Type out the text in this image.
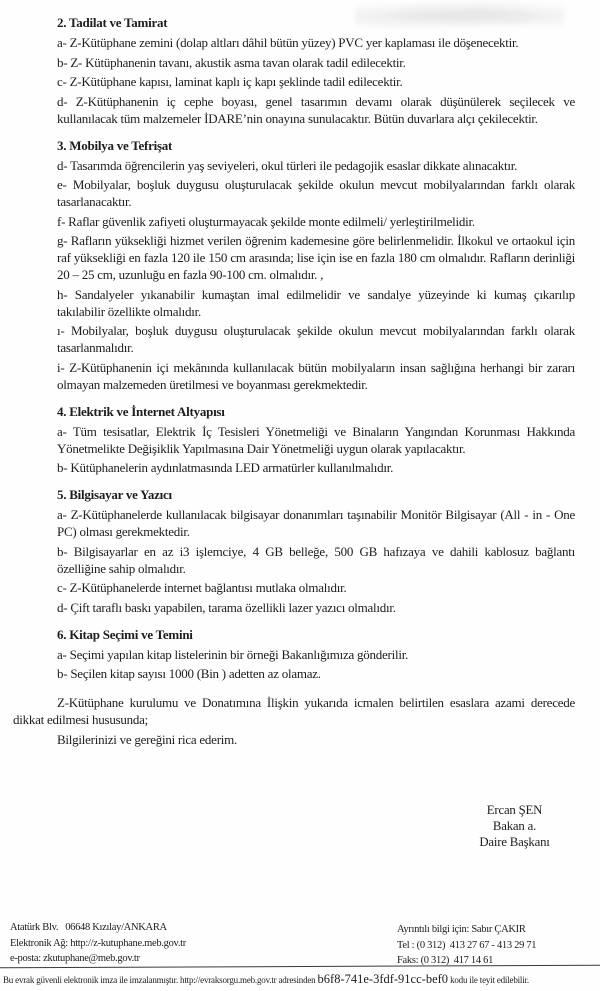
2. Tadilat ve Tamirat

a- Z-Kütüphane zemini (dolap altları dâhil bütün yüzey) PVC yer kaplaması ile döşenecektir.

b- Z- Kütüphanenin tavanı, akustik asma tavan olarak tadil edilecektir.

c- Z-Kütüphane kapısı, laminat kaplı iç kapı şeklinde tadil edilecektir.

d- Z-Kütüphanenin iç cephe boyası, genel tasarımın devamı olarak düşünülerek seçilecek ve kullanılacak tüm malzemeler İDARE’nin onayına sunulacaktır. Bütün duvarlara alçı çekilecektir.

3. Mobilya ve Tefrişat

d- Tasarımda öğrencilerin yaş seviyeleri, okul türleri ile pedagojik esaslar dikkate alınacaktır.

e- Mobilyalar, boşluk duygusu oluşturulacak şekilde okulun mevcut mobilyalarından farklı olarak tasarlanacaktır.

f- Raflar güvenlik zafiyeti oluşturmayacak şekilde monte edilmeli/ yerleştirilmelidir.

g- Rafların yüksekliği hizmet verilen öğrenim kademesine göre belirlenmelidir. İlkokul ve ortaokul için raf yüksekliği en fazla 120 ile 150 cm arasında; lise için ise en fazla 180 cm olmalıdır. Rafların derinliği 20 – 25 cm, uzunluğu en fazla 90-100 cm. olmalıdır. ,

h- Sandalyeler yıkanabilir kumaştan imal edilmelidir ve sandalye yüzeyinde ki kumaş çıkarılıp takılabilir özellikte olmalıdır.

ı- Mobilyalar, boşluk duygusu oluşturulacak şekilde okulun mevcut mobilyalarından farklı olarak tasarlanmalıdır.

i- Z-Kütüphanenin içi mekânında kullanılacak bütün mobilyaların insan sağlığına herhangi bir zararı olmayan malzemeden üretilmesi ve boyanması gerekmektedir.

4. Elektrik ve İnternet Altyapısı

a- Tüm tesisatlar, Elektrik İç Tesisleri Yönetmeliği ve Binaların Yangından Korunması Hakkında Yönetmelikte Değişiklik Yapılmasına Dair Yönetmeliği uygun olarak yapılacaktır.

b- Kütüphanelerin aydınlatmasında LED armatürler kullanılmalıdır.

5. Bilgisayar ve Yazıcı

a- Z-Kütüphanelerde kullanılacak bilgisayar donanımları taşınabilir Monitör Bilgisayar (All - in - One PC) olması gerekmektedir.

b- Bilgisayarlar en az i3 işlemciye, 4 GB belleğe, 500 GB hafızaya ve dahili kablosuz bağlantı özelliğine sahip olmalıdır.

c- Z-Kütüphanelerde internet bağlantısı mutlaka olmalıdır.

d- Çift taraflı baskı yapabilen, tarama özellikli lazer yazıcı olmalıdır.

6. Kitap Seçimi ve Temini

a- Seçimi yapılan kitap listelerinin bir örneği Bakanlığımıza gönderilir.

b- Seçilen kitap sayısı 1000 (Bin ) adetten az olamaz.

Z-Kütüphane kurulumu ve Donatımına İlişkin yukarıda icmalen belirtilen esaslara azami derecede dikkat edilmesi hususunda;

Bilgilerinizi ve gereğini rica ederim.

Ercan ŞEN
Bakan a.
Daire Başkanı
Atatürk Blv.   06648 Kızılay/ANKARA
Elektronik Ağ: http://z-kutuphane.meb.gov.tr
e-posta: zkutuphane@meb.gov.tr
Ayrıntılı bilgi için: Sabır ÇAKIR
Tel : (0 312)  413 27 67 - 413 29 71
Faks: (0 312)  417 14 61
Bu evrak güvenli elektronik imza ile imzalanmıştır. http://evraksorgu.meb.gov.tr adresinden b6f8-741e-3fdf-91cc-bef0 kodu ile teyit edilebilir.
